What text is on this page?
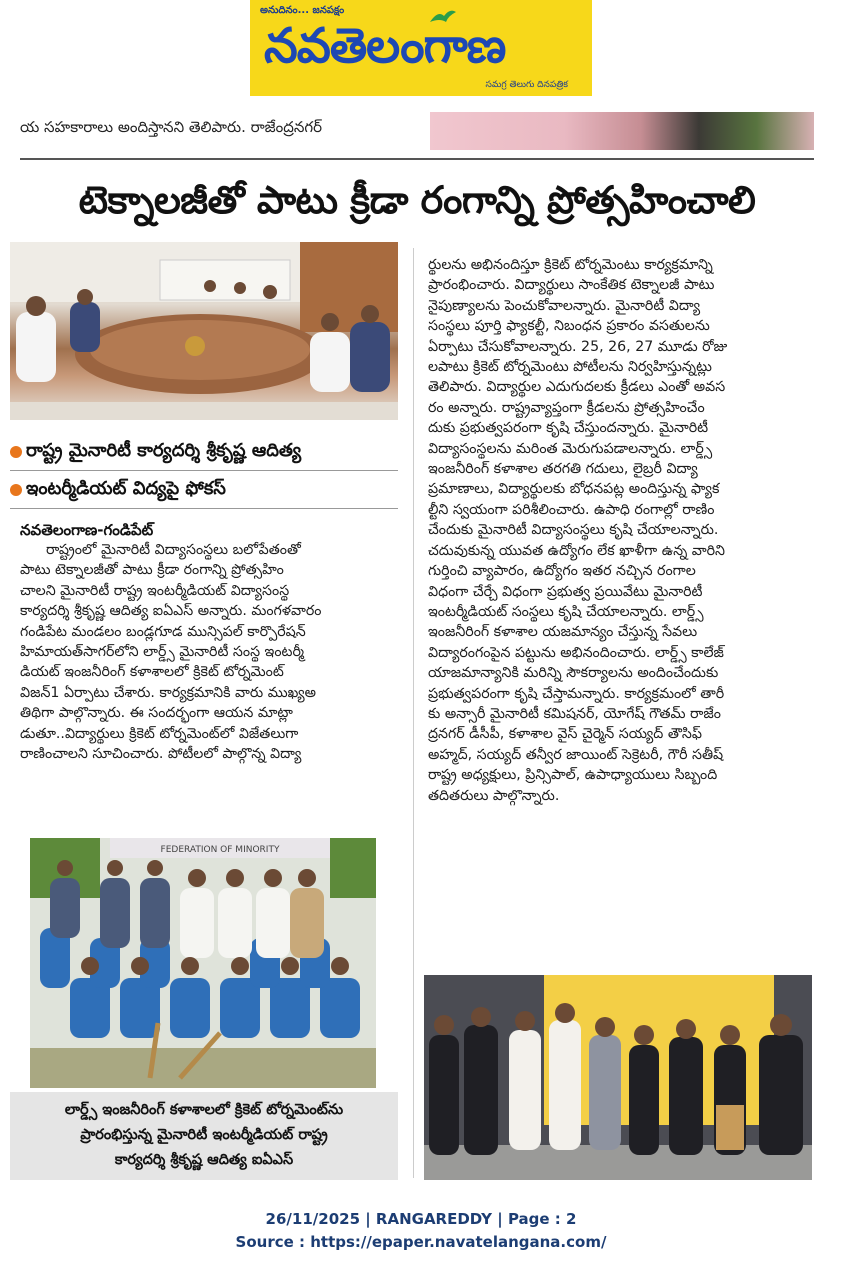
అనుదినం... జనపక్షం
నవతెలంగాణ
సమగ్ర తెలుగు దినపత్రిక
య సహకారాలు అందిస్తానని తెలిపారు. రాజేంద్రనగర్
టెక్నాలజీతో పాటు క్రీడా రంగాన్ని ప్రోత్సహించాలి
రాష్ట్ర మైనారిటీ కార్యదర్శి శ్రీకృష్ణ ఆదిత్య
ఇంటర్మీడియట్ విద్యపై ఫోకస్
నవతెలంగాణ-గండిపేట్
రాష్ట్రంలో మైనారిటీ విద్యాసంస్థలు బలోపేతంతో
పాటు టెక్నాలజీతో పాటు క్రీడా రంగాన్ని ప్రోత్సహిం
చాలని మైనారిటీ రాష్ట్ర ఇంటర్మీడియట్ విద్యాసంస్థ
కార్యదర్శి శ్రీకృష్ణ ఆదిత్య ఐఏఎస్ అన్నారు. మంగళవారం
గండిపేట మండలం బండ్లగూడ మున్సిపల్ కార్పొరేషన్
హిమాయత్‌సాగర్‌లోని లార్డ్స్ మైనారిటీ సంస్థ ఇంటర్మీ
డియట్ ఇంజనీరింగ్ కళాశాలలో క్రికెట్ టోర్నమెంట్
విజన్1 ఏర్పాటు చేశారు. కార్యక్రమానికి వారు ముఖ్యఅ
తిథిగా పాల్గొన్నారు. ఈ సందర్భంగా ఆయన మాట్లా
డుతూ..విద్యార్థులు క్రికెట్ టోర్నమెంట్‌లో విజేతలుగా
రాణించాలని సూచించారు. పోటీలలో పాల్గొన్న విద్యా
ర్థులను అభినందిస్తూ క్రికెట్ టోర్నమెంటు కార్యక్రమాన్ని
ప్రారంభించారు. విద్యార్థులు సాంకేతిక టెక్నాలజీ పాటు
నైపుణ్యాలను పెంచుకోవాలన్నారు. మైనారిటీ విద్యా
సంస్థలు పూర్తి ఫ్యాకల్టీ, నిబంధన ప్రకారం వసతులను
ఏర్పాటు చేసుకోవాలన్నారు. 25, 26, 27 మూడు రోజు
లపాటు క్రికెట్ టోర్నమెంటు పోటీలను నిర్వహిస్తున్నట్లు
తెలిపారు. విద్యార్థుల ఎదుగుదలకు క్రీడలు ఎంతో అవస
రం అన్నారు. రాష్ట్రవ్యాప్తంగా క్రీడలను ప్రోత్సహించేం
దుకు ప్రభుత్వపరంగా కృషి చేస్తుందన్నారు. మైనారిటీ
విద్యాసంస్థలను మరింత మెరుగుపడాలన్నారు. లార్డ్స్
ఇంజనీరింగ్ కళాశాల తరగతి గదులు, లైబ్రరీ విద్యా
ప్రమాణాలు, విద్యార్థులకు బోధనపట్ల అందిస్తున్న ఫ్యాక
ల్టీని స్వయంగా పరిశీలించారు. ఉపాధి రంగాల్లో రాణిం
చేందుకు మైనారిటీ విద్యాసంస్థలు కృషి చేయాలన్నారు.
చదువుకున్న యువత ఉద్యోగం లేక ఖాళీగా ఉన్న వారిని
గుర్తించి వ్యాపారం, ఉద్యోగం ఇతర నచ్చిన రంగాల
విధంగా చేర్చే విధంగా ప్రభుత్వ ప్రయివేటు మైనారిటీ
ఇంటర్మీడియట్ సంస్థలు కృషి చేయాలన్నారు. లార్డ్స్
ఇంజనీరింగ్ కళాశాల యజమాన్యం చేస్తున్న సేవలు
విద్యారంగంపైన పట్టును అభినందించారు. లార్డ్స్ కాలేజ్
యాజమాన్యానికి మరిన్ని సౌకర్యాలను అందించేందుకు
ప్రభుత్వపరంగా కృషి చేస్తామన్నారు. కార్యక్రమంలో తారీ
కు అన్సారీ మైనారిటీ కమిషనర్, యోగేష్ గౌతమ్ రాజేం
ద్రనగర్ డీసీపీ, కళాశాల వైస్ చైర్మెన్ సయ్యద్ తౌసిఫ్
అహ్మద్, సయ్యద్ తన్వీర జాయింట్ సెక్రెటరీ, గౌరీ సతీష్
రాష్ట్ర అధ్యక్షులు, ప్రిన్సిపాల్, ఉపాధ్యాయులు సిబ్బంది
తదితరులు పాల్గొన్నారు.
FEDERATION OF MINORITY
లార్డ్స్ ఇంజనీరింగ్ కళాశాలలో క్రికెట్ టోర్నమెంట్‌ను
ప్రారంభిస్తున్న మైనారిటీ ఇంటర్మీడియట్ రాష్ట్ర
కార్యదర్శి శ్రీకృష్ణ ఆదిత్య ఐఏఎస్
26/11/2025 | RANGAREDDY | Page : 2
Source : https://epaper.navatelangana.com/
